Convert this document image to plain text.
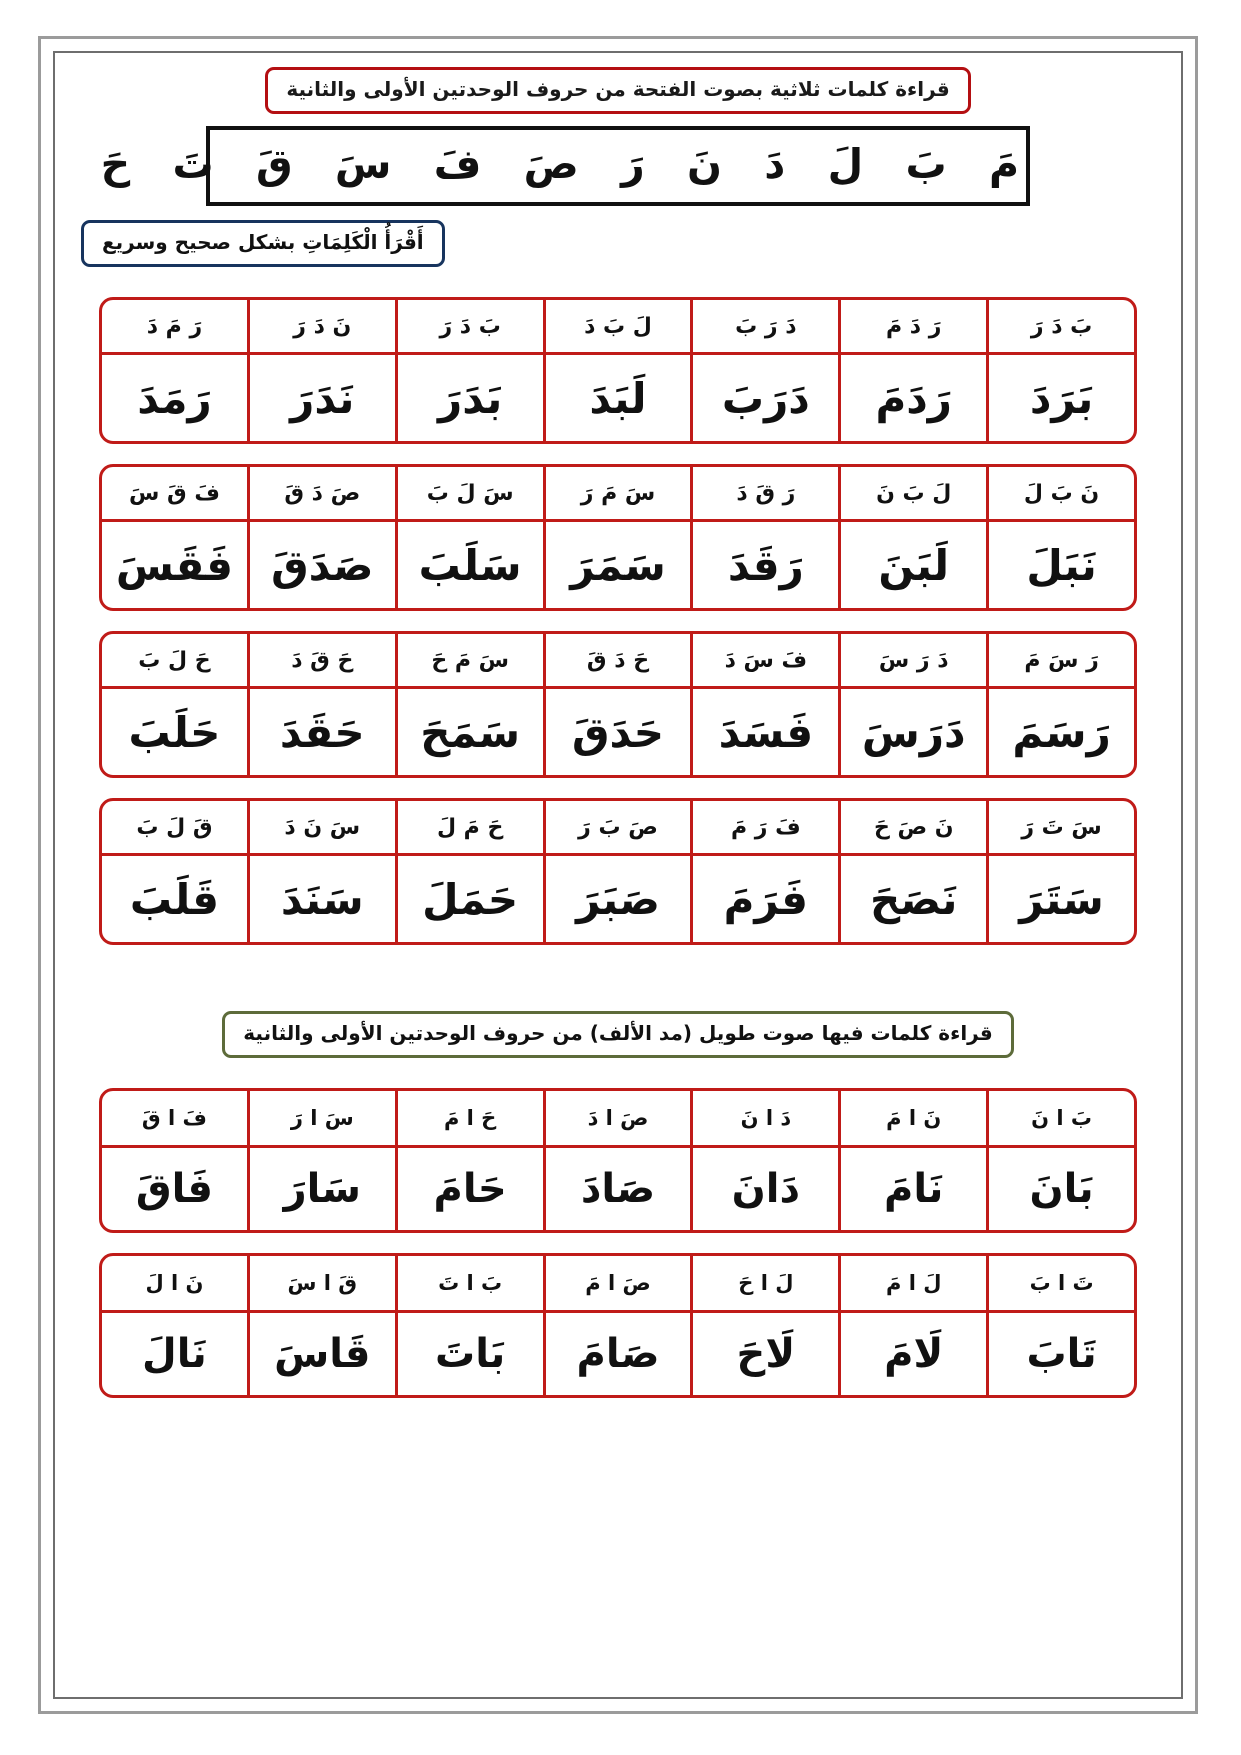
قراءة كلمات ثلاثية بصوت الفتحة من حروف الوحدتين الأولى والثانية
مَ بَ لَ دَ نَ رَ صَ فَ سَ قَ تَ حَ
أَقْرَأُ الْكَلِمَاتِ بشكل صحيح وسريع
بَ دَ رَ
رَ دَ مَ
دَ رَ بَ
لَ بَ دَ
بَ دَ رَ
نَ دَ رَ
رَ مَ دَ
بَرَدَ
رَدَمَ
دَرَبَ
لَبَدَ
بَدَرَ
نَدَرَ
رَمَدَ
نَ بَ لَ
لَ بَ نَ
رَ قَ دَ
سَ مَ رَ
سَ لَ بَ
صَ دَ قَ
فَ قَ سَ
نَبَلَ
لَبَنَ
رَقَدَ
سَمَرَ
سَلَبَ
صَدَقَ
فَقَسَ
رَ سَ مَ
دَ رَ سَ
فَ سَ دَ
حَ دَ قَ
سَ مَ حَ
حَ قَ دَ
حَ لَ بَ
رَسَمَ
دَرَسَ
فَسَدَ
حَدَقَ
سَمَحَ
حَقَدَ
حَلَبَ
سَ تَ رَ
نَ صَ حَ
فَ رَ مَ
صَ بَ رَ
حَ مَ لَ
سَ نَ دَ
قَ لَ بَ
سَتَرَ
نَصَحَ
فَرَمَ
صَبَرَ
حَمَلَ
سَنَدَ
قَلَبَ
قراءة كلمات فيها صوت طويل (مد الألف) من حروف الوحدتين الأولى والثانية
بَ ا نَ
نَ ا مَ
دَ ا نَ
صَ ا دَ
حَ ا مَ
سَ ا رَ
فَ ا قَ
بَانَ
نَامَ
دَانَ
صَادَ
حَامَ
سَارَ
فَاقَ
تَ ا بَ
لَ ا مَ
لَ ا حَ
صَ ا مَ
بَ ا تَ
قَ ا سَ
نَ ا لَ
تَابَ
لَامَ
لَاحَ
صَامَ
بَاتَ
قَاسَ
نَالَ
